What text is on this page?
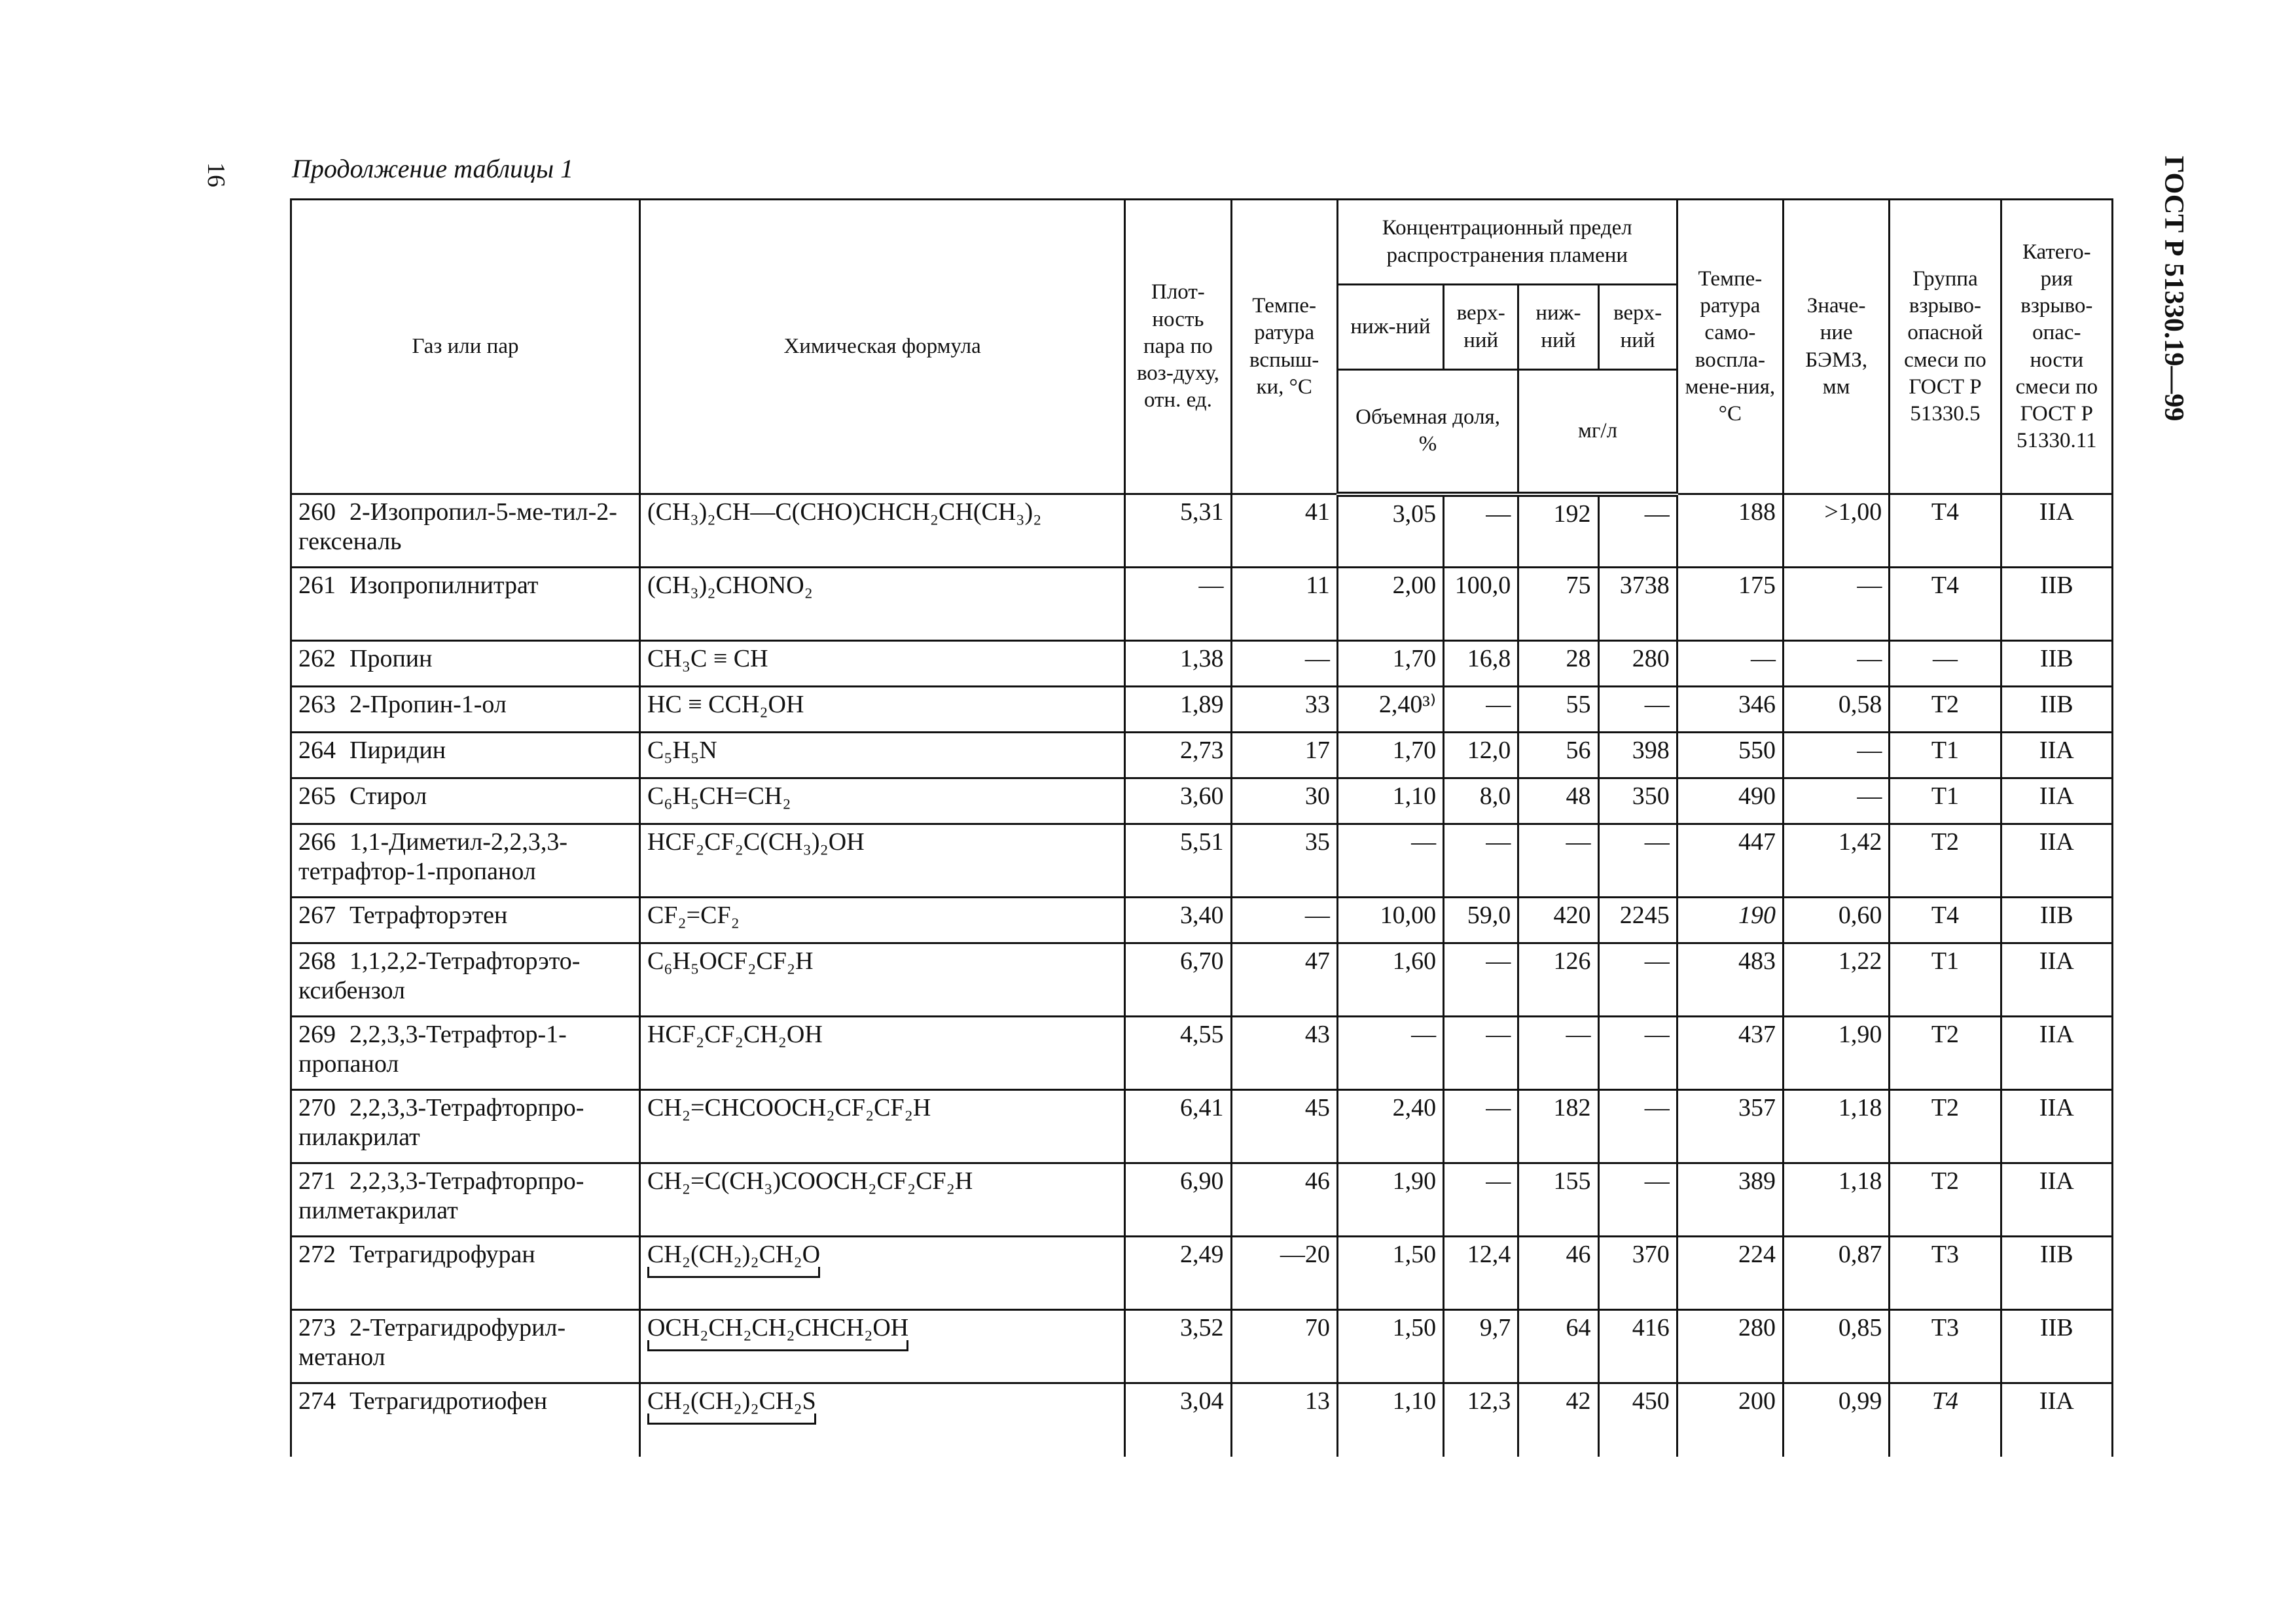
16	ГОСТ Р 51330.19—99
Продолжение таблицы 1
Газ или пар	Химическая формула	Плот-ность пара по воз-духу, отн. ед.	Темпе-ратура вспыш-ки, °С	Концентрационный предел распространения пламени				Темпе-ратура само-воспла-мене-ния, °С	Значе-ние БЭМЗ, мм	Группа взрыво-опасной смеси по ГОСТ Р 51330.5	Катего-рия взрыво-опас-ности смеси по ГОСТ Р 51330.11
				ниж-ний	верх-ний	ниж-ний	верх-ний				
				Объемная доля, %		мг/л					
260 2-Изопропил-5-ме-тил-2-гексеналь	(CH₃)₂CH—C(CHO)CHCH₂CH(CH₃)₂	5,31	41	3,05	—	192	—	188	>1,00	T4	IIA
261 Изопропилнитрат	(CH₃)₂CHONO₂	—	11	2,00	100,0	75	3738	175	—	T4	IIB
262 Пропин	CH₃C ≡ CH	1,38	—	1,70	16,8	28	280	—	—	—	IIB
263 2-Пропин-1-ол	HC ≡ CCH₂OH	1,89	33	2,40³⁾	—	55	—	346	0,58	T2	IIB
264 Пиридин	C₅H₅N	2,73	17	1,70	12,0	56	398	550	—	T1	IIA
265 Стирол	C₆H₅CH=CH₂	3,60	30	1,10	8,0	48	350	490	—	T1	IIA
266 1,1-Диметил-2,2,3,3-тетрафтор-1-пропанол	HCF₂CF₂C(CH₃)₂OH	5,51	35	—	—	—	—	447	1,42	T2	IIA
267 Тетрафторэтен	CF₂=CF₂	3,40	—	10,00	59,0	420	2245	190	0,60	T4	IIB
268 1,1,2,2-Тетрафторэто-ксибензол	C₆H₅OCF₂CF₂H	6,70	47	1,60	—	126	—	483	1,22	T1	IIA
269 2,2,3,3-Тетрафтор-1-пропанол	HCF₂CF₂CH₂OH	4,55	43	—	—	—	—	437	1,90	T2	IIA
270 2,2,3,3-Тетрафторпро-пилакрилат	CH₂=CHCOOCH₂CF₂CF₂H	6,41	45	2,40	—	182	—	357	1,18	T2	IIA
271 2,2,3,3-Тетрафторпро-пилметакрилат	CH₂=C(CH₃)COOCH₂CF₂CF₂H	6,90	46	1,90	—	155	—	389	1,18	T2	IIA
272 Тетрагидрофуран	CH₂(CH₂)₂CH₂O	2,49	—20	1,50	12,4	46	370	224	0,87	T3	IIB
273 2-Тетрагидрофурил-метанол	OCH₂CH₂CH₂CHCH₂OH	3,52	70	1,50	9,7	64	416	280	0,85	T3	IIB
274 Тетрагидротиофен	CH₂(CH₂)₂CH₂S	3,04	13	1,10	12,3	42	450	200	0,99	T4	IIA
